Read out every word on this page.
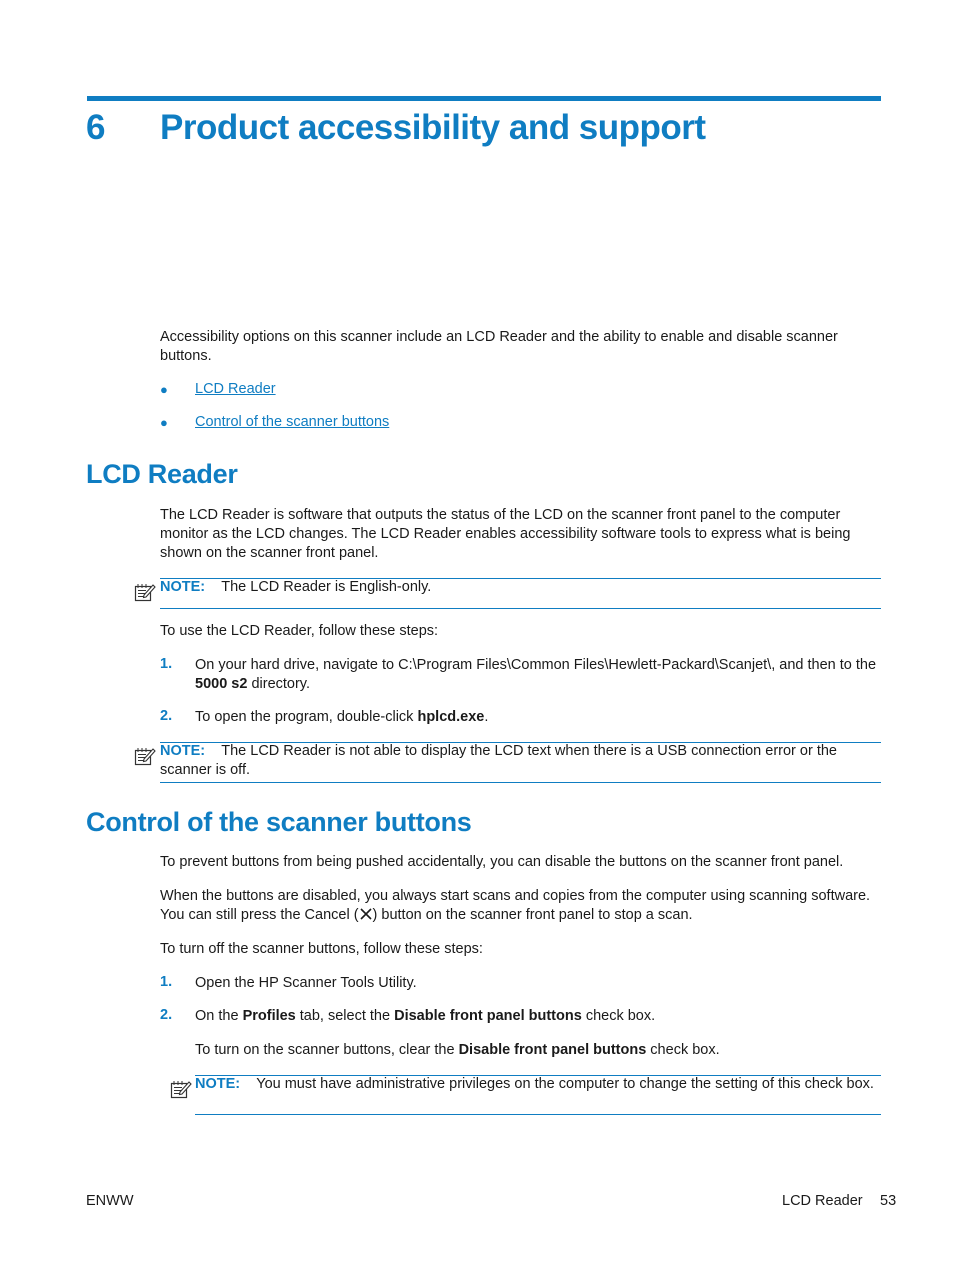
6 Product accessibility and support
Accessibility options on this scanner include an LCD Reader and the ability to enable and disable scanner buttons.
● LCD Reader
● Control of the scanner buttons
LCD Reader
The LCD Reader is software that outputs the status of the LCD on the scanner front panel to the computer monitor as the LCD changes. The LCD Reader enables accessibility software tools to express what is being shown on the scanner front panel.
NOTE: The LCD Reader is English-only.
To use the LCD Reader, follow these steps:
1. On your hard drive, navigate to C:\Program Files\Common Files\Hewlett-Packard\Scanjet\, and then to the 5000 s2 directory.
2. To open the program, double-click hplcd.exe.
NOTE: The LCD Reader is not able to display the LCD text when there is a USB connection error or the scanner is off.
Control of the scanner buttons
To prevent buttons from being pushed accidentally, you can disable the buttons on the scanner front panel.
When the buttons are disabled, you always start scans and copies from the computer using scanning software. You can still press the Cancel ( ) button on the scanner front panel to stop a scan.
To turn off the scanner buttons, follow these steps:
1. Open the HP Scanner Tools Utility.
2. On the Profiles tab, select the Disable front panel buttons check box.
To turn on the scanner buttons, clear the Disable front panel buttons check box.
NOTE: You must have administrative privileges on the computer to change the setting of this check box.
ENWW	LCD Reader 53
